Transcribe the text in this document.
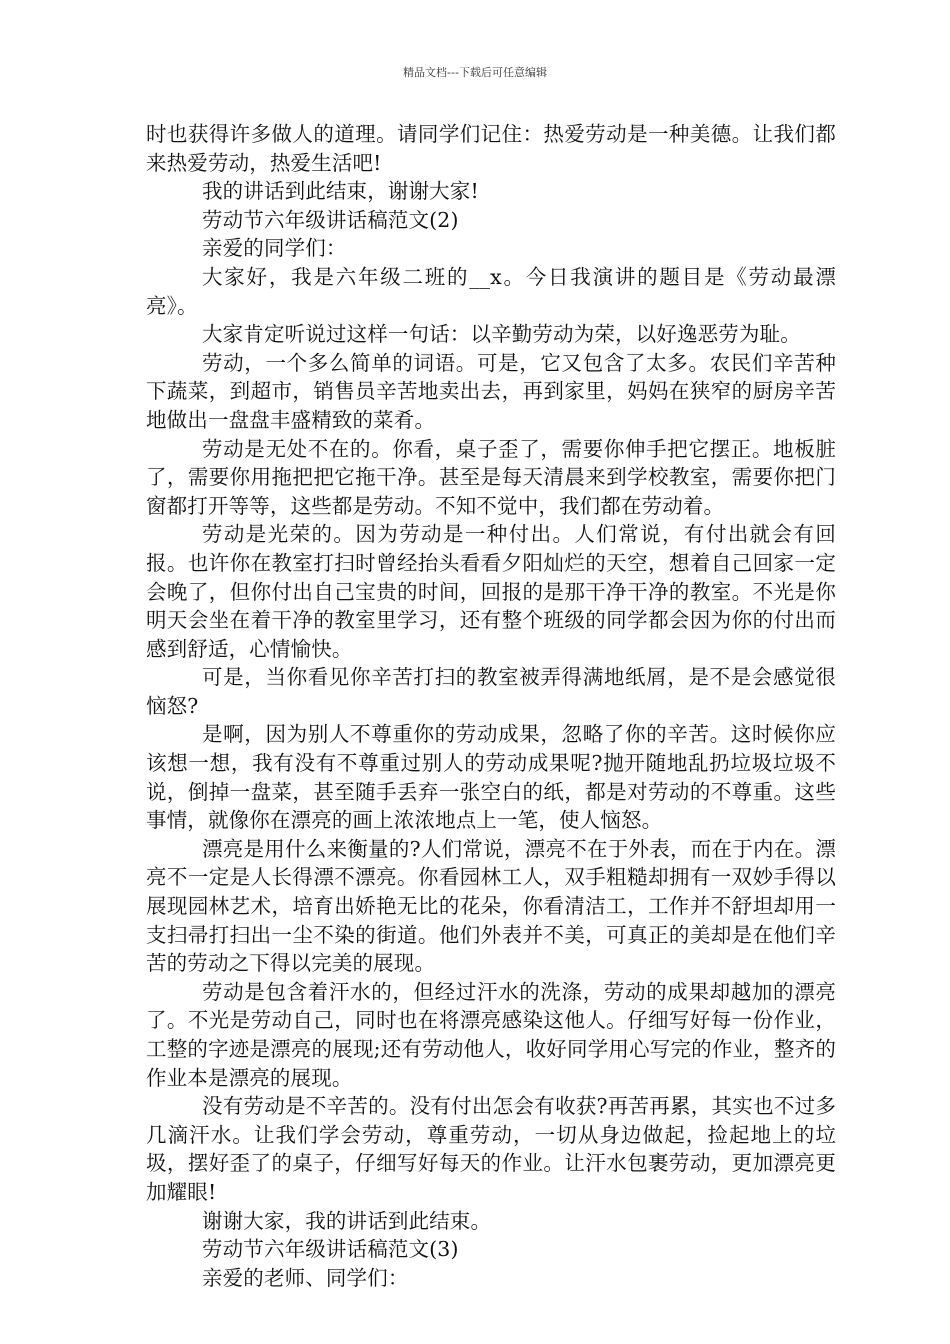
精品文档---下载后可任意编辑

时也获得许多做人的道理。请同学们记住：热爱劳动是一种美德。让我们都来热爱劳动，热爱生活吧!

我的讲话到此结束，谢谢大家!

劳动节六年级讲话稿范文(2)

亲爱的同学们：

大家好，我是六年级二班的__x。今日我演讲的题目是《劳动最漂亮》。

大家肯定听说过这样一句话：以辛勤劳动为荣，以好逸恶劳为耻。

劳动，一个多么简单的词语。可是，它又包含了太多。农民们辛苦种下蔬菜，到超市，销售员辛苦地卖出去，再到家里，妈妈在狭窄的厨房辛苦地做出一盘盘丰盛精致的菜肴。

劳动是无处不在的。你看，桌子歪了，需要你伸手把它摆正。地板脏了，需要你用拖把把它拖干净。甚至是每天清晨来到学校教室，需要你把门窗都打开等等，这些都是劳动。不知不觉中，我们都在劳动着。

劳动是光荣的。因为劳动是一种付出。人们常说，有付出就会有回报。也许你在教室打扫时曾经抬头看看夕阳灿烂的天空，想着自己回家一定会晚了，但你付出自己宝贵的时间，回报的是那干净干净的教室。不光是你明天会坐在着干净的教室里学习，还有整个班级的同学都会因为你的付出而感到舒适，心情愉快。

可是，当你看见你辛苦打扫的教室被弄得满地纸屑，是不是会感觉很恼怒?

是啊，因为别人不尊重你的劳动成果，忽略了你的辛苦。这时候你应该想一想，我有没有不尊重过别人的劳动成果呢?抛开随地乱扔垃圾垃圾不说，倒掉一盘菜，甚至随手丢弃一张空白的纸，都是对劳动的不尊重。这些事情，就像你在漂亮的画上浓浓地点上一笔，使人恼怒。

漂亮是用什么来衡量的?人们常说，漂亮不在于外表，而在于内在。漂亮不一定是人长得漂不漂亮。你看园林工人，双手粗糙却拥有一双妙手得以展现园林艺术，培育出娇艳无比的花朵，你看清洁工，工作并不舒坦却用一支扫帚打扫出一尘不染的街道。他们外表并不美，可真正的美却是在他们辛苦的劳动之下得以完美的展现。

劳动是包含着汗水的，但经过汗水的洗涤，劳动的成果却越加的漂亮了。不光是劳动自己，同时也在将漂亮感染这他人。仔细写好每一份作业，工整的字迹是漂亮的展现;还有劳动他人，收好同学用心写完的作业，整齐的作业本是漂亮的展现。

没有劳动是不辛苦的。没有付出怎会有收获?再苦再累，其实也不过多几滴汗水。让我们学会劳动，尊重劳动，一切从身边做起，捡起地上的垃圾，摆好歪了的桌子，仔细写好每天的作业。让汗水包裹劳动，更加漂亮更加耀眼!

谢谢大家，我的讲话到此结束。

劳动节六年级讲话稿范文(3)

亲爱的老师、同学们：
